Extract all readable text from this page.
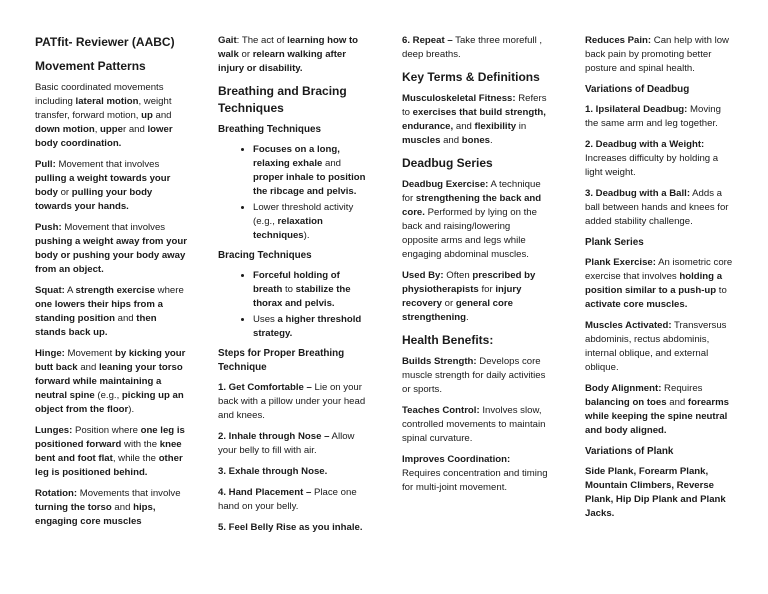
PATfit- Reviewer (AABC)
Movement Patterns

Basic coordinated movements including lateral motion, weight transfer, forward motion, up and down motion, upper and lower body coordination.

Pull: Movement that involves pulling a weight towards your body or pulling your body towards your hands.

Push: Movement that involves pushing a weight away from your body or pushing your body away from an object.

Squat: A strength exercise where one lowers their hips from a standing position and then stands back up.

Hinge: Movement by kicking your butt back and leaning your torso forward while maintaining a neutral spine (e.g., picking up an object from the floor).

Lunges: Position where one leg is positioned forward with the knee bent and foot flat, while the other leg is positioned behind.

Rotation: Movements that involve turning the torso and hips, engaging core muscles

Gait: The act of learning how to walk or relearn walking after injury or disability.

Breathing and Bracing Techniques
Breathing Techniques
• Focuses on a long, relaxing exhale and proper inhale to position the ribcage and pelvis.
• Lower threshold activity (e.g., relaxation techniques).
Bracing Techniques
• Forceful holding of breath to stabilize the thorax and pelvis.
• Uses a higher threshold strategy.
Steps for Proper Breathing Technique

1. Get Comfortable – Lie on your back with a pillow under your head and knees.

2. Inhale through Nose – Allow your belly to fill with air.

3. Exhale through Nose.

4. Hand Placement – Place one hand on your belly.

5. Feel Belly Rise as you inhale.

6. Repeat – Take three morefull , deep breaths.

Key Terms & Definitions

Musculoskeletal Fitness: Refers to exercises that build strength, endurance, and flexibility in muscles and bones.

Deadbug Series

Deadbug Exercise: A technique for strengthening the back and core. Performed by lying on the back and raising/lowering opposite arms and legs while engaging abdominal muscles.

Used By: Often prescribed by physiotherapists for injury recovery or general core strengthening.

Health Benefits:

Builds Strength: Develops core muscle strength for daily activities or sports.

Teaches Control: Involves slow, controlled movements to maintain spinal curvature.

Improves Coordination: Requires concentration and timing for multi-joint movement.

Reduces Pain: Can help with low back pain by promoting better posture and spinal health.

Variations of Deadbug

1. Ipsilateral Deadbug: Moving the same arm and leg together.

2. Deadbug with a Weight: Increases difficulty by holding a light weight.

3. Deadbug with a Ball: Adds a ball between hands and knees for added stability challenge.

Plank Series

Plank Exercise: An isometric core exercise that involves holding a position similar to a push-up to activate core muscles.

Muscles Activated: Transversus abdominis, rectus abdominis, internal oblique, and external oblique.

Body Alignment: Requires balancing on toes and forearms while keeping the spine neutral and body aligned.

Variations of Plank

Side Plank, Forearm Plank, Mountain Climbers, Reverse Plank, Hip Dip Plank and Plank Jacks.
